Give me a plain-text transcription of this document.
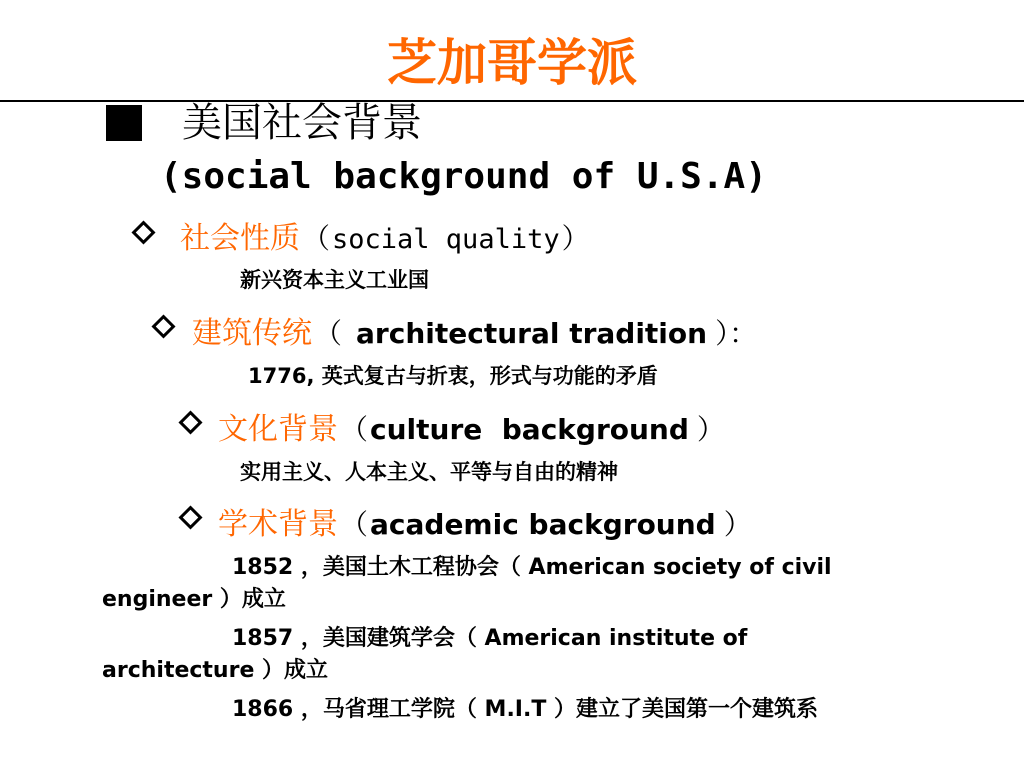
芝加哥学派
美国社会背景
(social background of U.S.A)
社会性质 （ social quality ）
新兴资本主义工业国
建筑传统 （ architectural tradition ）：
1776, 英式复古与折衷，形式与功能的矛盾
文化背景 （ culture  background ）
实用主义、人本主义、平等与自由的精神
学术背景 （ academic background ）
1852 ，美国土木工程协会（ American society of civil engineer ）成立
1857 ，美国建筑学会（ American institute of architecture ）成立
1866 ，马省理工学院（ M.I.T ）建立了美国第一个建筑系
